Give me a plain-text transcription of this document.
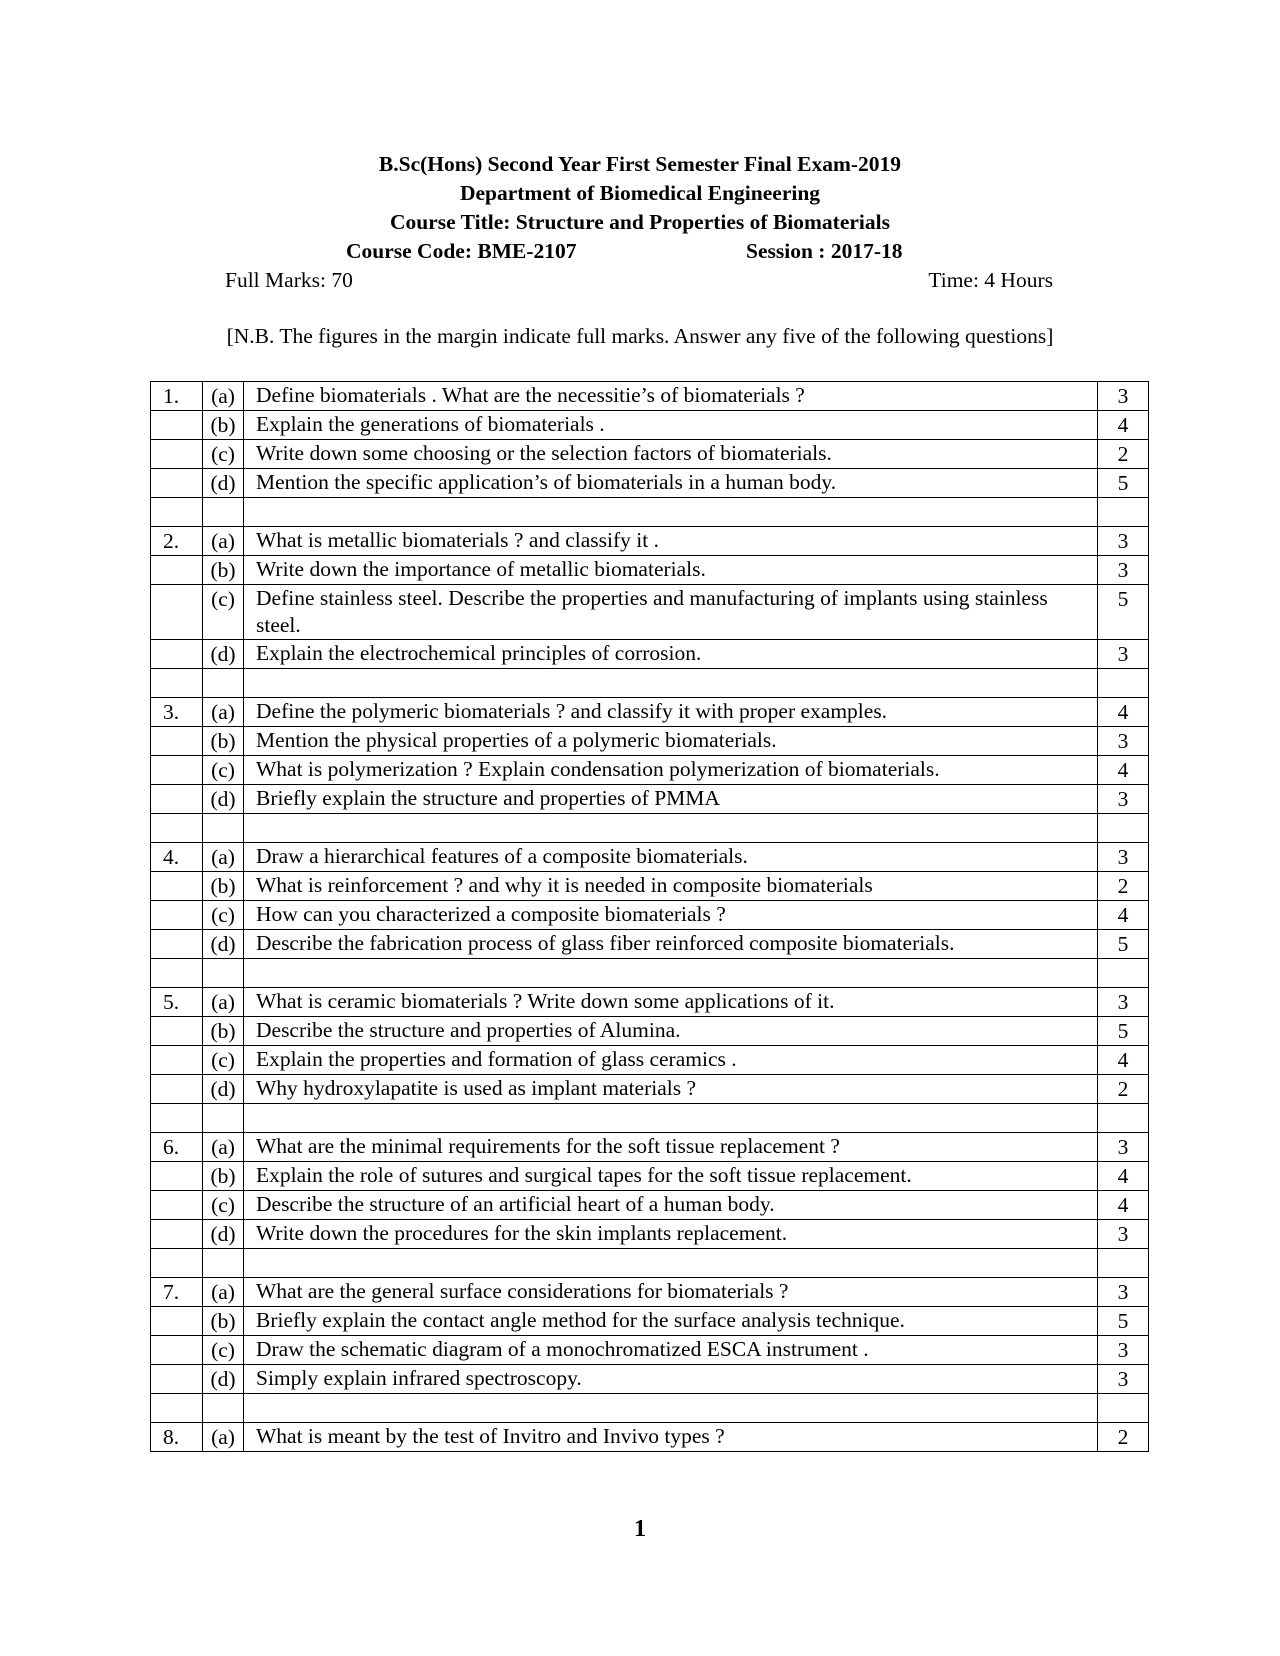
B.Sc(Hons) Second Year First Semester Final Exam-2019
Department of Biomedical Engineering
Course Title: Structure and Properties of Biomaterials
Course Code: BME-2107	Session : 2017-18
Full Marks: 70	Time: 4 Hours
[N.B. The figures in the margin indicate full marks. Answer any five of the following questions]
1.	(a)	Define biomaterials . What are the necessitie’s of biomaterials ?	3
	(b)	Explain the generations of biomaterials .	4
	(c)	Write down some choosing or the selection factors of biomaterials.	2
	(d)	Mention the specific application’s of biomaterials in a human body.	5

2.	(a)	What is metallic biomaterials ? and classify it .	3
	(b)	Write down the importance of metallic biomaterials.	3
	(c)	Define stainless steel. Describe the properties and manufacturing of implants using stainless steel.	5
	(d)	Explain the electrochemical principles of corrosion.	3

3.	(a)	Define the polymeric biomaterials ? and classify it with proper examples.	4
	(b)	Mention the physical properties of a polymeric biomaterials.	3
	(c)	What is polymerization ? Explain condensation polymerization of biomaterials.	4
	(d)	Briefly explain the structure and properties of PMMA	3

4.	(a)	Draw a hierarchical features of a composite biomaterials.	3
	(b)	What is reinforcement ? and why it is needed in composite biomaterials	2
	(c)	How can you characterized a composite biomaterials ?	4
	(d)	Describe the fabrication process of glass fiber reinforced composite biomaterials.	5

5.	(a)	What is ceramic biomaterials ? Write down some applications of it.	3
	(b)	Describe the structure and properties of Alumina.	5
	(c)	Explain the properties and formation of glass ceramics .	4
	(d)	Why hydroxylapatite is used as implant materials ?	2

6.	(a)	What are the minimal requirements for the soft tissue replacement ?	3
	(b)	Explain the role of sutures and surgical tapes for the soft tissue replacement.	4
	(c)	Describe the structure of an artificial heart of a human body.	4
	(d)	Write down the procedures for the skin implants replacement.	3

7.	(a)	What are the general surface considerations for biomaterials ?	3
	(b)	Briefly explain the contact angle method for the surface analysis technique.	5
	(c)	Draw the schematic diagram of a monochromatized ESCA instrument .	3
	(d)	Simply explain infrared spectroscopy.	3

8.	(a)	What is meant by the test of Invitro and Invivo types ?	2
1
